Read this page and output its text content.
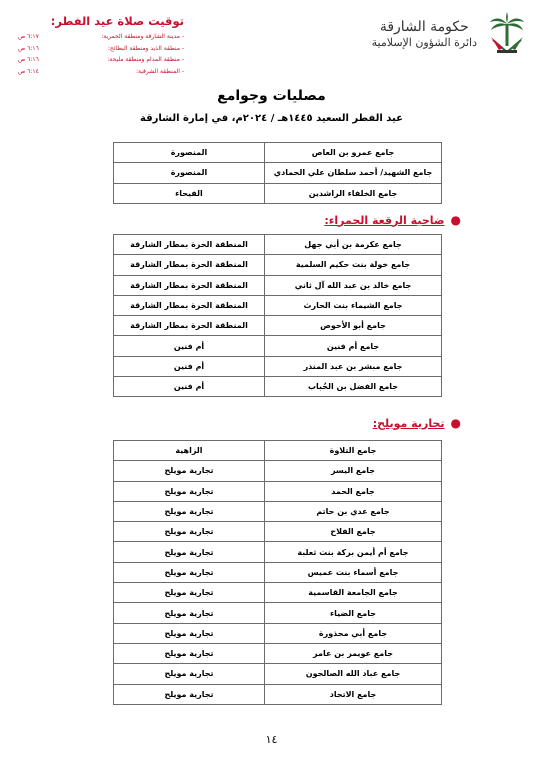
توقيت صلاة عيد الفطر:
- مدينة الشارقة ومنطقة الحمرية:
٦:١٧ ص
- منطقة الذيد ومنطقة البطائح:
٦:١٦ ص
- منطقة المدام ومنطقة مليحة:
٦:١٦ ص
- المنطقة الشرقية:
٦:١٤ ص
حكومة الشارقة
دائرة الشؤون الإسلامية
مصليات وجوامع
عيد الفطر السعيد ١٤٤٥هـ / ٢٠٢٤م، في إمارة الشارقة
جامع عمرو بن العاص	المنصورة
جامع الشهيد/ أحمد سلطان علي الحمادي	المنصورة
جامع الخلفاء الراشدين	الفيحاء
●
ضاحية الرقعة الحمراء:
جامع عكرمة بن أبي جهل	المنطقة الحرة بمطار الشارقة
جامع خولة بنت حكيم السلمية	المنطقة الحرة بمطار الشارقة
جامع خالد بن عبد الله آل ثاني	المنطقة الحرة بمطار الشارقة
جامع الشيماء بنت الحارث	المنطقة الحرة بمطار الشارقة
جامع أبو الأحوص	المنطقة الحرة بمطار الشارقة
جامع أم فنين	أم فنين
جامع مبشر بن عبد المنذر	أم فنين
جامع الفضل بن الحُباب	أم فنين
●
تجارية مويلح:
جامع التلاوة	الزاهية
جامع اليسر	تجارية مويلح
جامع الحمد	تجارية مويلح
جامع عدي بن حاتم	تجارية مويلح
جامع الفلاح	تجارية مويلح
جامع أم أيمن بركة بنت ثعلبة	تجارية مويلح
جامع أسماء بنت عميس	تجارية مويلح
جامع الجامعة القاسمية	تجارية مويلح
جامع الضياء	تجارية مويلح
جامع أبي محذورة	تجارية مويلح
جامع عويمر بن عامر	تجارية مويلح
جامع عباد الله الصالحون	تجارية مويلح
جامع الاتحاد	تجارية مويلح
١٤
